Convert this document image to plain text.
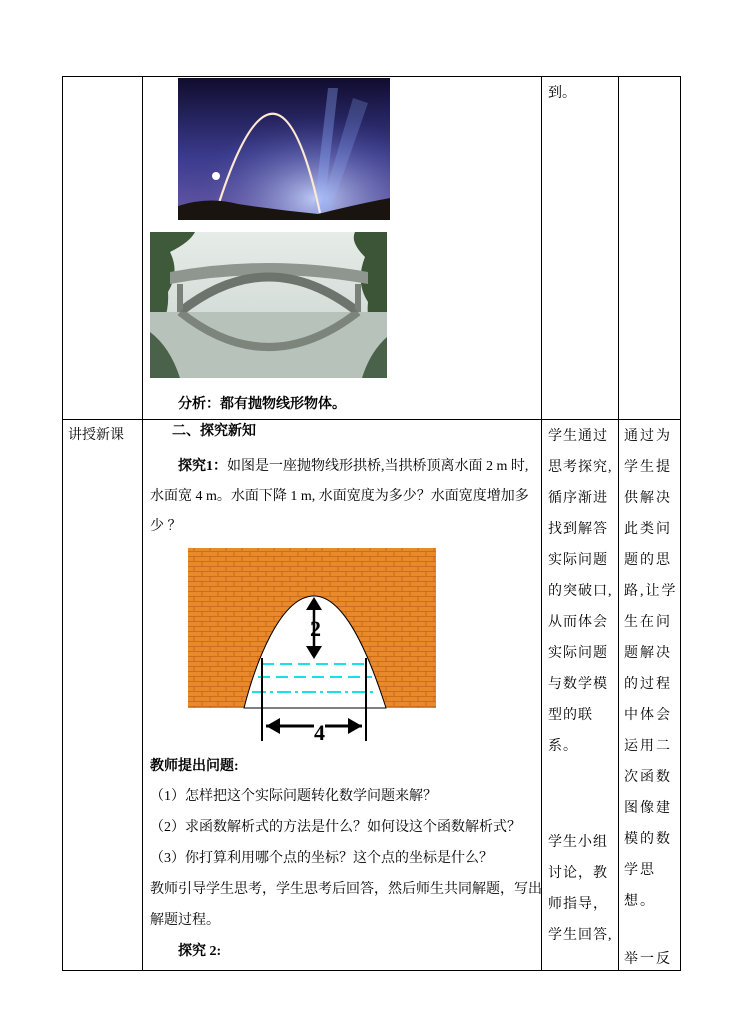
分析：都有抛物线形物体。
到。
讲授新课	二、探究新知
探究1：如图是一座抛物线形拱桥,当拱桥顶离水面 2 m 时,
水面宽 4 m。水面下降 1 m, 水面宽度为多少？水面宽度增加多
少 ？
2
4
教师提出问题:
（1）怎样把这个实际问题转化数学问题来解？
（2）求函数解析式的方法是什么？如何设这个函数解析式？
（3）你打算利用哪个点的坐标？这个点的坐标是什么？
教师引导学生思考，学生思考后回答，然后师生共同解题，写出
解题过程。
探究 2:
学生通过
思考探究,
循序渐进
找到解答
实际问题
的突破口,
从而体会
实际问题
与数学模
型的联系。
学生小组
讨论，教
师指导，
学生回答,
通过为
学生提
供解决
此类问
题的思
路,让学
生在问
题解决
的过程
中体会
运用二
次函数
图像建
模的数
学思想。
举一反
